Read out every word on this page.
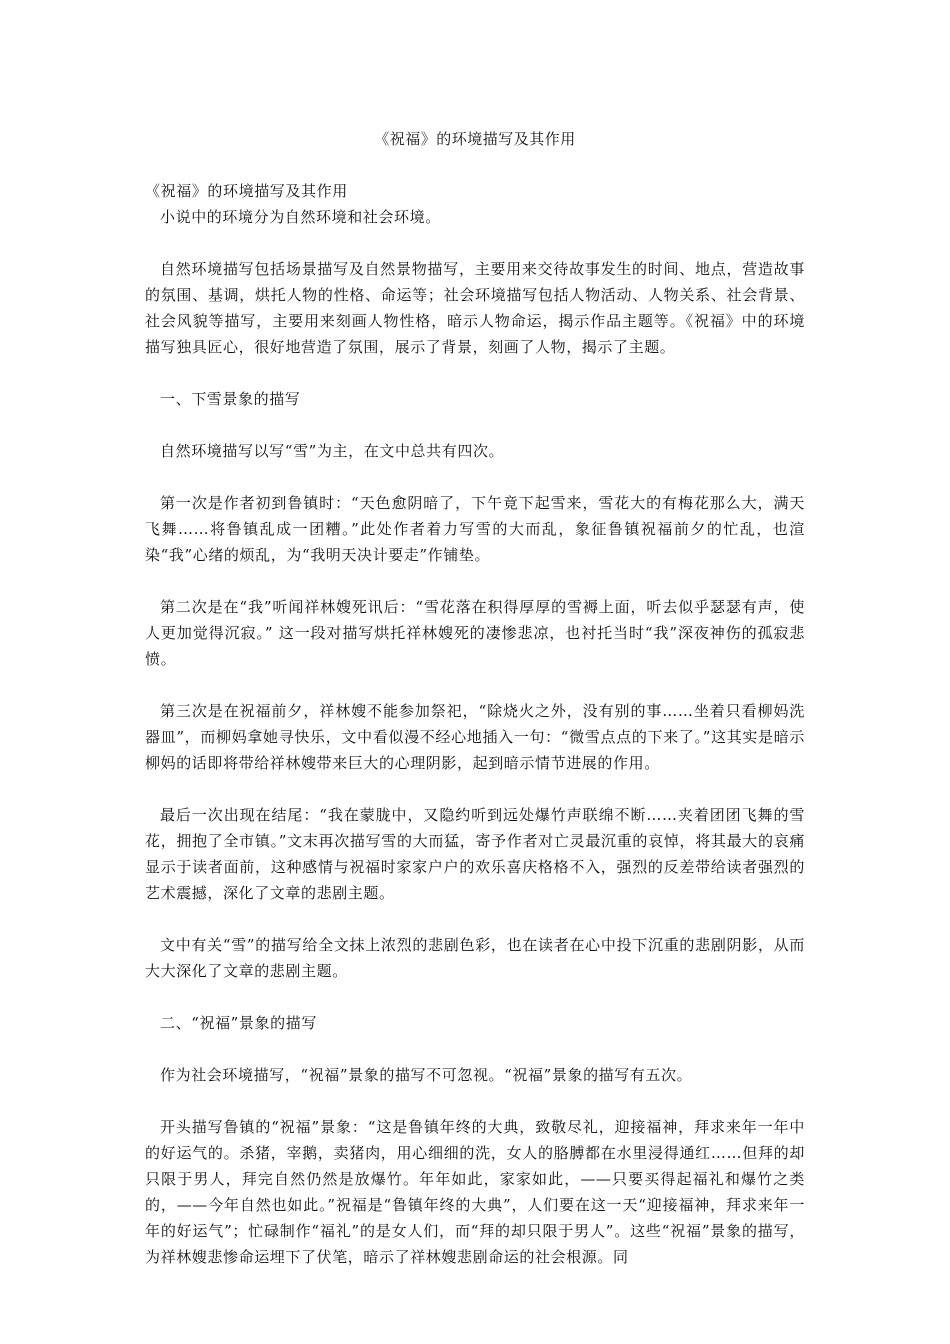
《祝福》的环境描写及其作用

《祝福》的环境描写及其作用

小说中的环境分为自然环境和社会环境。

自然环境描写包括场景描写及自然景物描写，主要用来交待故事发生的时间、地点，营造故事的氛围、基调，烘托人物的性格、命运等；社会环境描写包括人物活动、人物关系、社会背景、社会风貌等描写，主要用来刻画人物性格，暗示人物命运，揭示作品主题等。《祝福》中的环境描写独具匠心，很好地营造了氛围，展示了背景，刻画了人物，揭示了主题。

一、下雪景象的描写

自然环境描写以写“雪”为主，在文中总共有四次。

第一次是作者初到鲁镇时：“天色愈阴暗了，下午竟下起雪来，雪花大的有梅花那么大，满天飞舞……将鲁镇乱成一团糟。”此处作者着力写雪的大而乱，象征鲁镇祝福前夕的忙乱，也渲染“我”心绪的烦乱，为“我明天决计要走”作铺垫。

第二次是在“我”听闻祥林嫂死讯后：“雪花落在积得厚厚的雪褥上面，听去似乎瑟瑟有声，使人更加觉得沉寂。” 这一段对描写烘托祥林嫂死的凄惨悲凉，也衬托当时“我”深夜神伤的孤寂悲愤。

第三次是在祝福前夕，祥林嫂不能参加祭祀，“除烧火之外，没有别的事……坐着只看柳妈洗器皿”，而柳妈拿她寻快乐，文中看似漫不经心地插入一句：“微雪点点的下来了。”这其实是暗示柳妈的话即将带给祥林嫂带来巨大的心理阴影，起到暗示情节进展的作用。

最后一次出现在结尾：“我在蒙胧中，又隐约听到远处爆竹声联绵不断……夹着团团飞舞的雪花，拥抱了全市镇。”文末再次描写雪的大而猛，寄予作者对亡灵最沉重的哀悼，将其最大的哀痛显示于读者面前，这种感情与祝福时家家户户的欢乐喜庆格格不入，强烈的反差带给读者强烈的艺术震撼，深化了文章的悲剧主题。

文中有关“雪”的描写给全文抹上浓烈的悲剧色彩，也在读者在心中投下沉重的悲剧阴影，从而大大深化了文章的悲剧主题。

二、“祝福”景象的描写

作为社会环境描写，“祝福”景象的描写不可忽视。“祝福”景象的描写有五次。

开头描写鲁镇的“祝福”景象：“这是鲁镇年终的大典，致敬尽礼，迎接福神，拜求来年一年中的好运气的。杀猪，宰鹅，卖猪肉，用心细细的洗，女人的胳膊都在水里浸得通红……但拜的却只限于男人，拜完自然仍然是放爆竹。年年如此，家家如此，——只要买得起福礼和爆竹之类的，——今年自然也如此。”祝福是“鲁镇年终的大典”，人们要在这一天“迎接福神，拜求来年一年的好运气”；忙碌制作“福礼”的是女人们，而“拜的却只限于男人”。这些“祝福”景象的描写，为祥林嫂悲惨命运埋下了伏笔，暗示了祥林嫂悲剧命运的社会根源。同
